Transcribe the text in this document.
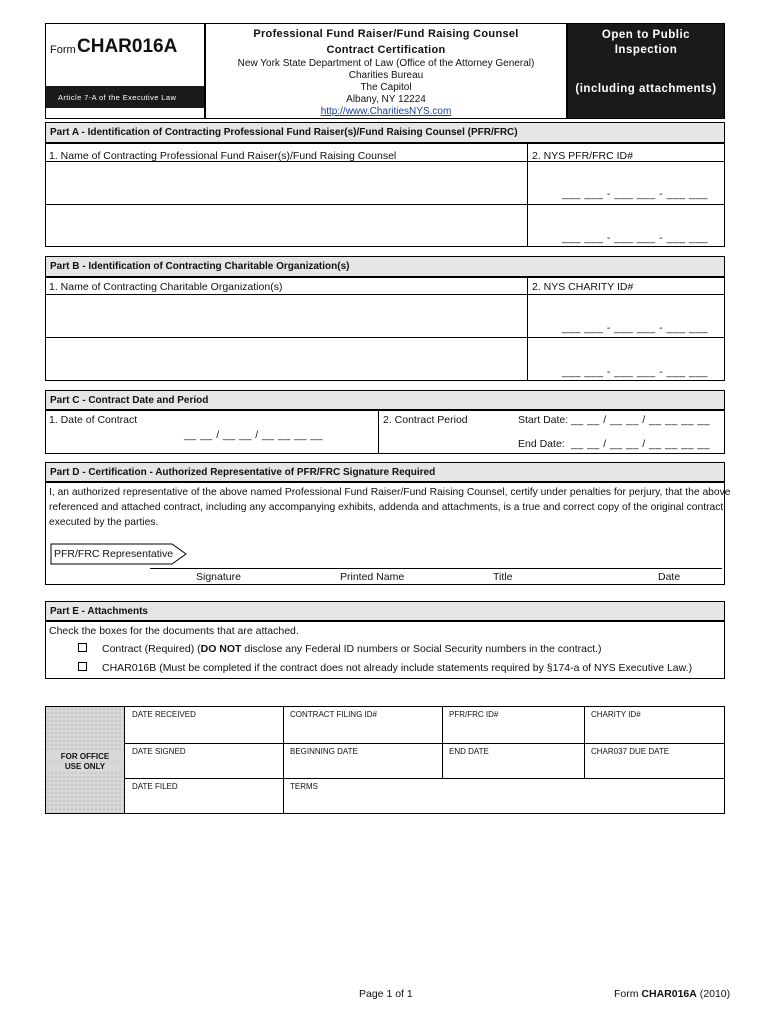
Form CHAR016A
Article 7-A of the Executive Law
Professional Fund Raiser/Fund Raising Counsel
Contract Certification
New York State Department of Law (Office of the Attorney General)
Charities Bureau
The Capitol
Albany, NY 12224
http://www.CharitiesNYS.com
Open to Public
Inspection
(including attachments)
Part A - Identification of Contracting Professional Fund Raiser(s)/Fund Raising Counsel (PFR/FRC)
1. Name of Contracting Professional Fund Raiser(s)/Fund Raising Counsel	2. NYS PFR/FRC ID#
___ ___ - ___ ___ - ___ ___
___ ___ - ___ ___ - ___ ___
Part B - Identification of Contracting Charitable Organization(s)
1. Name of Contracting Charitable Organization(s)	2. NYS CHARITY ID#
___ ___ - ___ ___ - ___ ___
___ ___ - ___ ___ - ___ ___
Part C - Contract Date and Period
1. Date of Contract
__ __ / __ __ / __ __ __ __
2. Contract Period	Start Date: __ __ / __ __ / __ __ __ __
End Date: __ __ / __ __ / __ __ __ __
Part D - Certification - Authorized Representative of PFR/FRC Signature Required
I, an authorized representative of the above named Professional Fund Raiser/Fund Raising Counsel, certify under penalties for perjury, that the above
referenced and attached contract, including any accompanying exhibits, addenda and attachments, is a true and correct copy of the original contract
executed by the parties.
PFR/FRC Representative
Signature	Printed Name	Title	Date
Part E - Attachments
Check the boxes for the documents that are attached.
Contract (Required) (DO NOT disclose any Federal ID numbers or Social Security numbers in the contract.)
CHAR016B (Must be completed if the contract does not already include statements required by §174-a of NYS Executive Law.)
FOR OFFICE
USE ONLY
DATE RECEIVED	CONTRACT FILING ID#	PFR/FRC ID#	CHARITY ID#
DATE SIGNED	BEGINNING DATE	END DATE	CHAR037 DUE DATE
DATE FILED	TERMS
Page 1 of 1	Form CHAR016A (2010)
